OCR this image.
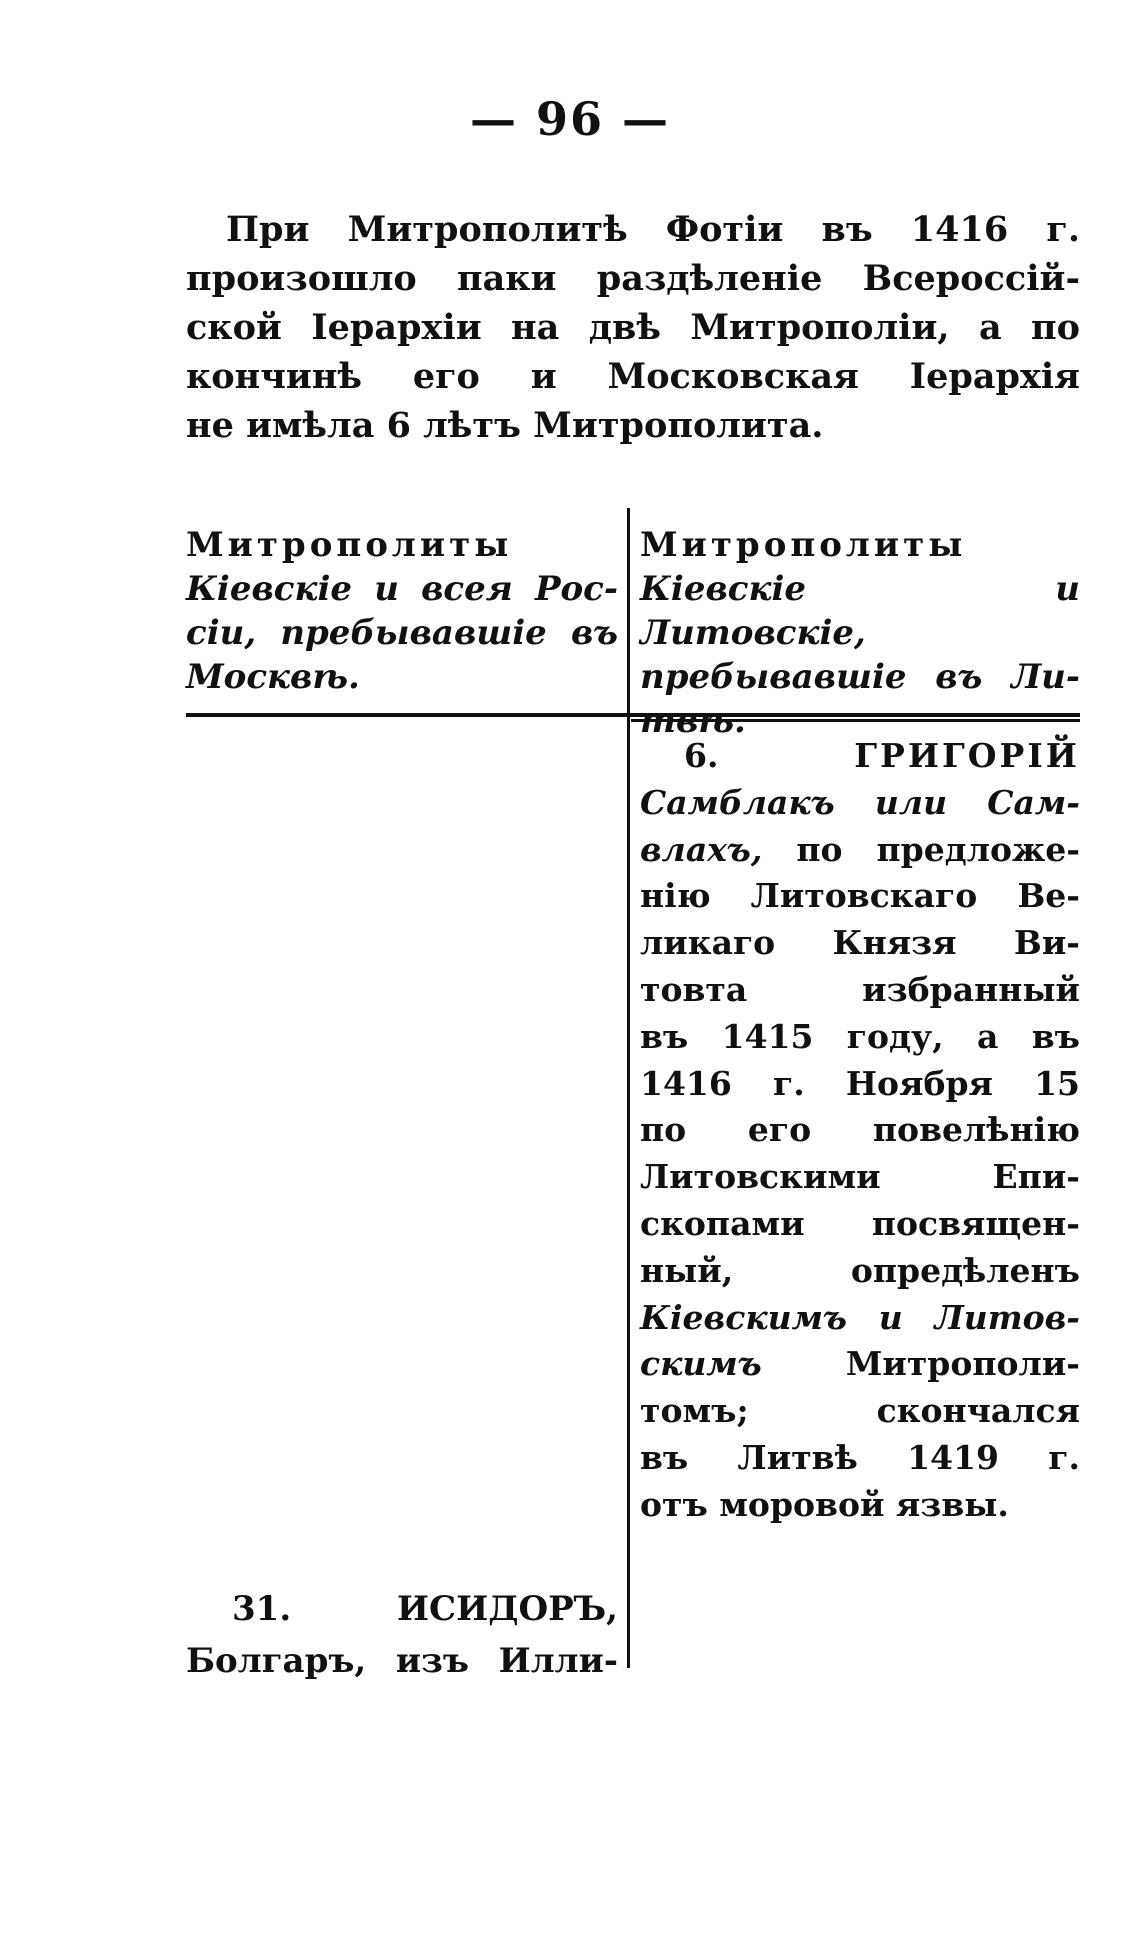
— 96 —

При Митрополитѣ Фотіи въ 1416 г.

произошло паки раздѣленіе Всероссій-

ской Іерархіи на двѣ Митрополіи, а по

кончинѣ его и Московская Іерархія

не имѣла 6 лѣтъ Митрополита.

Митрополиты
Кіевскіе и всея Рос-
сіи, пребывавшіе въ
Москвѣ.
Митрополиты
Кіевскіе и Литовскіе,
пребывавшіе въ Ли-
твѣ.
6.	ГРИГОРІЙ
Самблакъ или Сам-
влахъ, по предложе-
нію Литовскаго Ве-
ликаго Князя Ви-
товта избранный
въ 1415 году, а въ
1416 г. Ноября 15
по его повелѣнію
Литовскими Епи-
скопами посвящен-
ный, опредѣленъ
Кіевскимъ и Литов-
скимъ Митрополи-
томъ; скончался
въ Литвѣ 1419 г.
отъ моровой язвы.
31. ИСИДОРЪ,
Болгаръ, изъ Илли-
